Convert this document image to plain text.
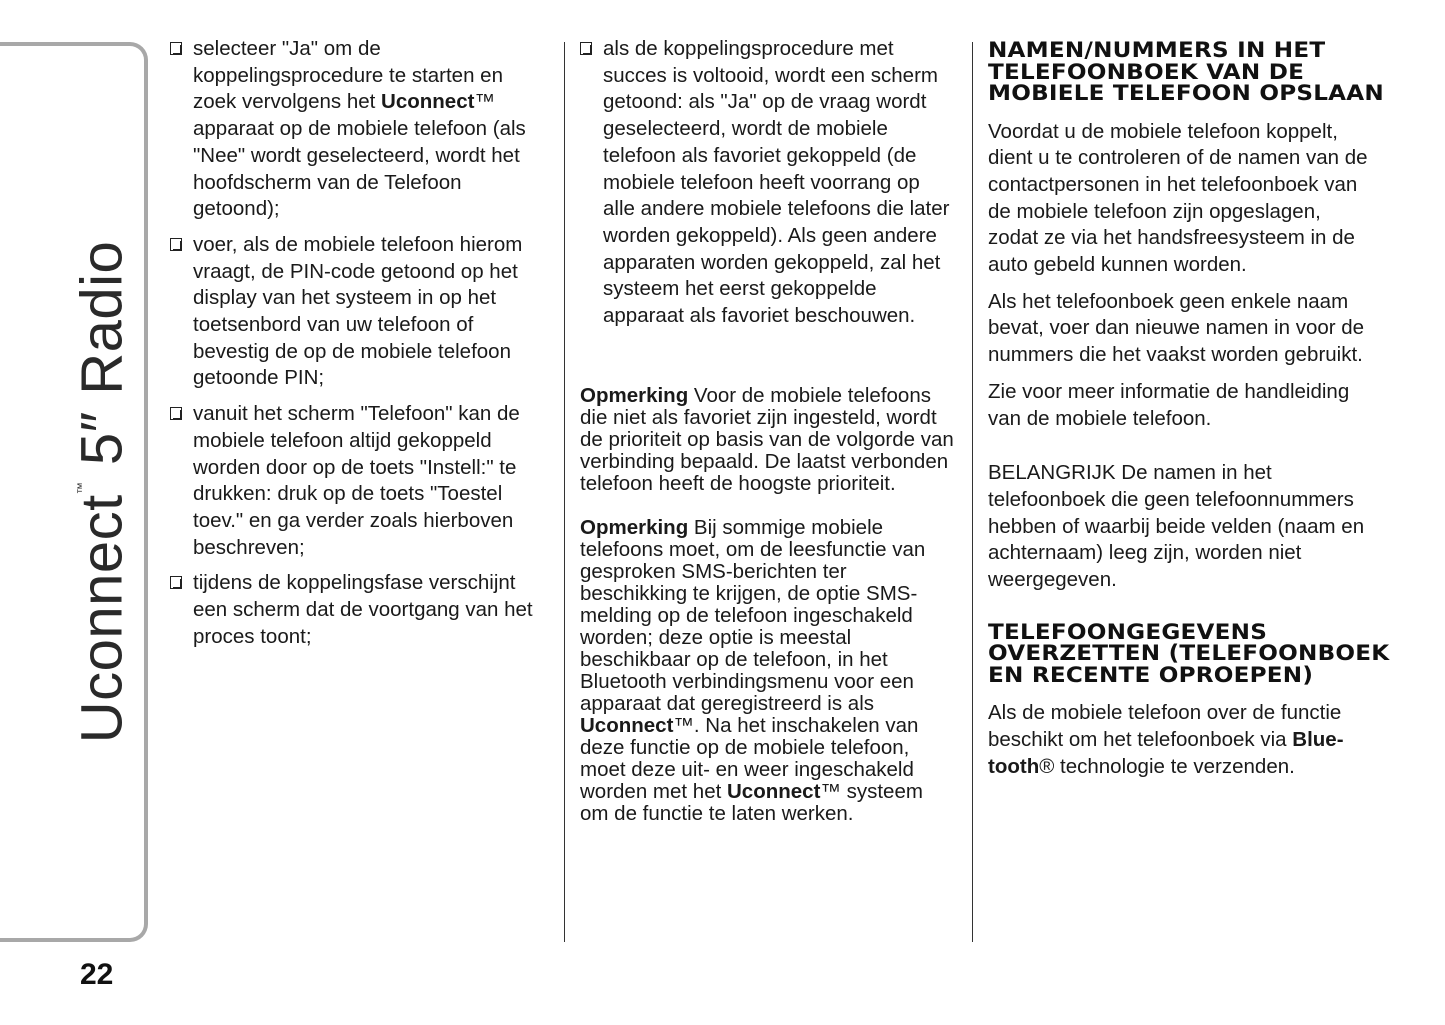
Uconnect™ 5″ Radio
22
selecteer "Ja" om de koppelingsprocedure te starten en zoek vervolgens het Uconnect™ apparaat op de mobiele telefoon (als "Nee" wordt geselecteerd, wordt het hoofdscherm van de Telefoon getoond);
voer, als de mobiele telefoon hierom vraagt, de PIN-code getoond op het display van het systeem in op het toetsenbord van uw telefoon of bevestig de op de mobiele telefoon getoonde PIN;
vanuit het scherm "Telefoon" kan de mobiele telefoon altijd gekoppeld worden door op de toets "Instell:" te drukken: druk op de toets "Toestel toev." en ga verder zoals hierboven beschreven;
tijdens de koppelingsfase verschijnt een scherm dat de voortgang van het proces toont;
als de koppelingsprocedure met succes is voltooid, wordt een scherm getoond: als "Ja" op de vraag wordt geselecteerd, wordt de mobiele telefoon als favoriet gekoppeld (de mobiele telefoon heeft voorrang op alle andere mobiele telefoons die later worden gekoppeld). Als geen andere apparaten worden gekoppeld, zal het systeem het eerst gekoppelde apparaat als favoriet beschouwen.

Opmerking Voor de mobiele telefoons die niet als favoriet zijn ingesteld, wordt de prioriteit op basis van de volgorde van verbinding bepaald. De laatst verbonden telefoon heeft de hoogste prioriteit.

Opmerking Bij sommige mobiele telefoons moet, om de leesfunctie van gesproken SMS-berichten ter beschikking te krijgen, de optie SMS-melding op de telefoon ingeschakeld worden; deze optie is meestal beschikbaar op de telefoon, in het Bluetooth verbindingsmenu voor een apparaat dat geregistreerd is als Uconnect™. Na het inschakelen van deze functie op de mobiele telefoon, moet deze uit- en weer ingeschakeld worden met het Uconnect™ systeem om de functie te laten werken.

NAMEN/NUMMERS IN HET TELEFOONBOEK VAN DE MOBIELE TELEFOON OPSLAAN

Voordat u de mobiele telefoon koppelt, dient u te controleren of de namen van de contactpersonen in het telefoonboek van de mobiele telefoon zijn opgeslagen, zodat ze via het handsfreesysteem in de auto gebeld kunnen worden.

Als het telefoonboek geen enkele naam bevat, voer dan nieuwe namen in voor de nummers die het vaakst worden gebruikt.

Zie voor meer informatie de handleiding van de mobiele telefoon.

BELANGRIJK De namen in het telefoonboek die geen telefoonnummers hebben of waarbij beide velden (naam en achternaam) leeg zijn, worden niet weergegeven.

TELEFOONGEGEVENS OVERZETTEN (TELEFOONBOEK EN RECENTE OPROEPEN)

Als de mobiele telefoon over de functie beschikt om het telefoonboek via Blue-tooth® technologie te verzenden.
